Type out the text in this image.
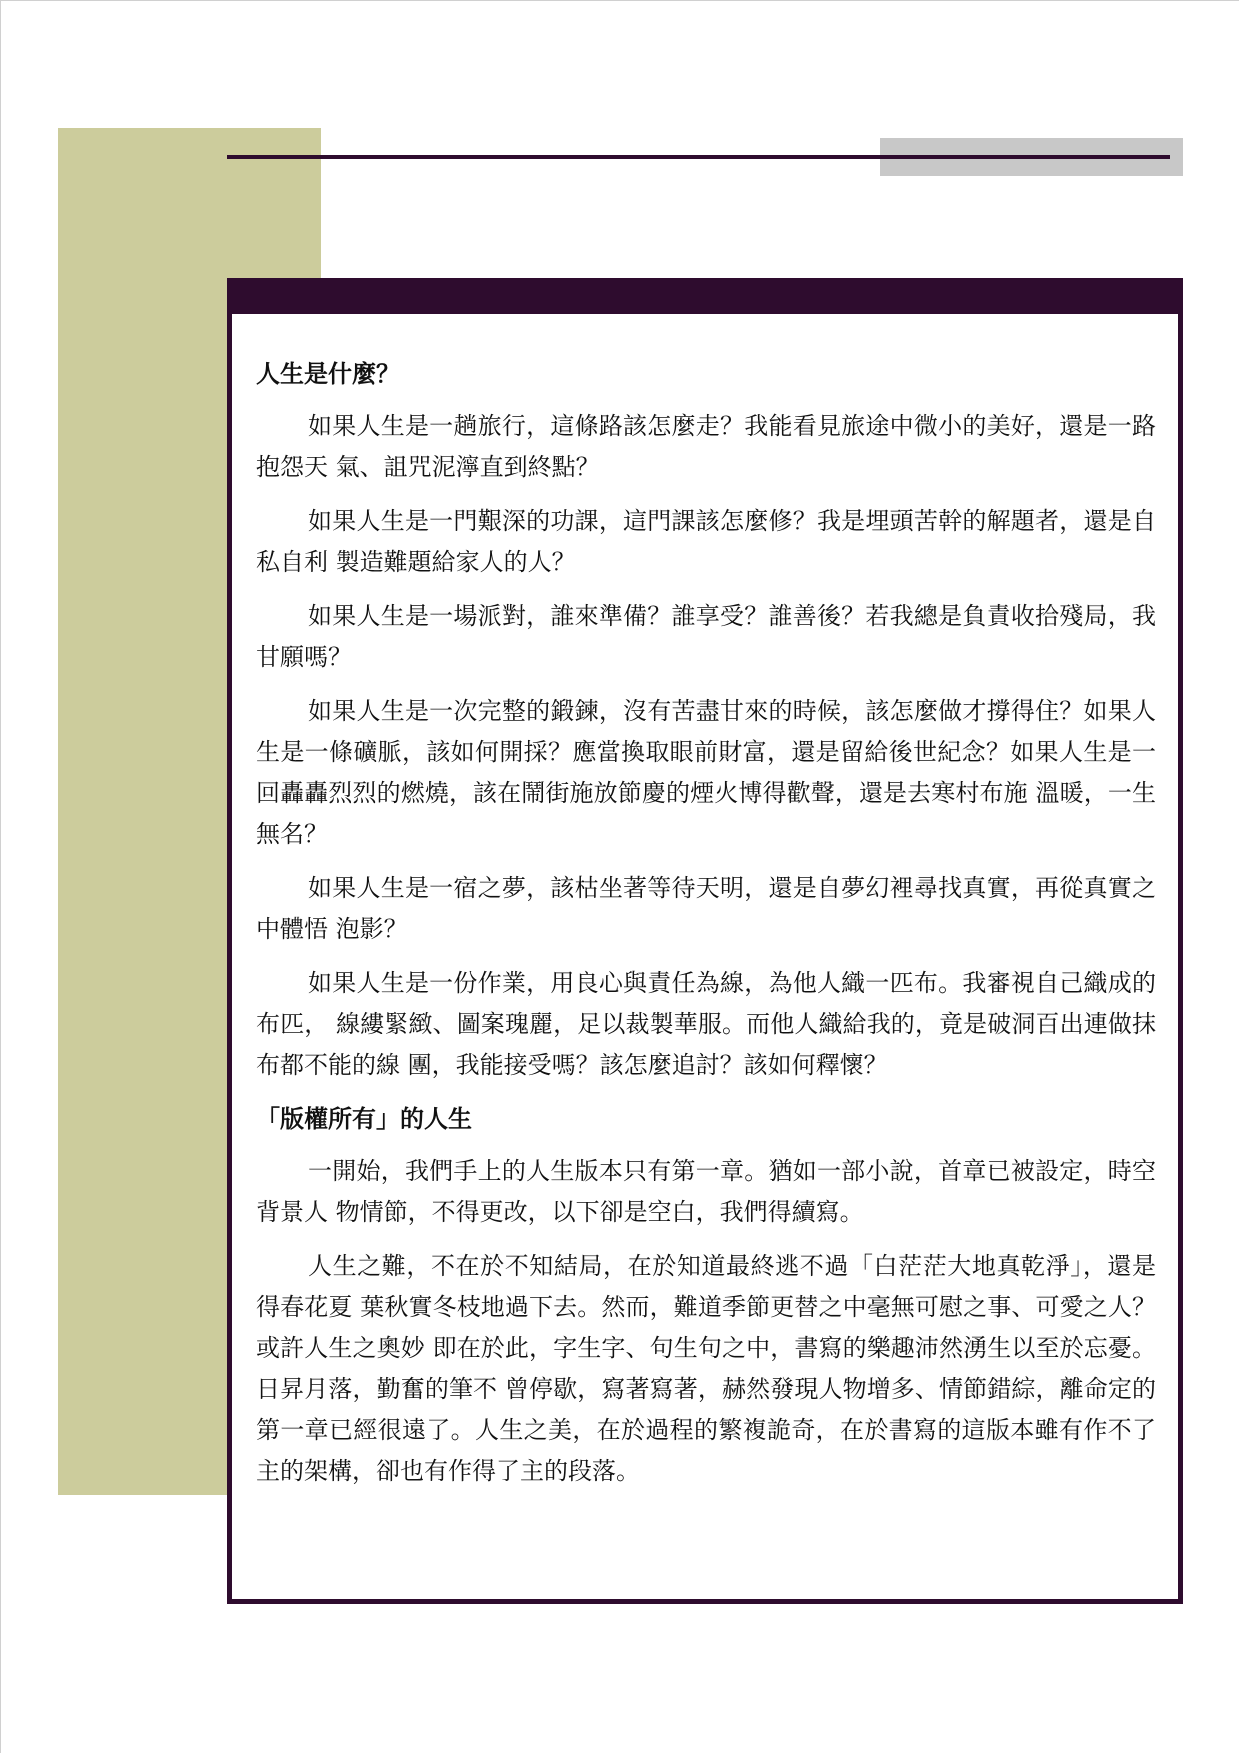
人生是什麼？

如果人生是一趟旅行，這條路該怎麼走？我能看見旅途中微小的美好，還是一路抱怨天 氣、詛咒泥濘直到終點？

如果人生是一門艱深的功課，這門課該怎麼修？我是埋頭苦幹的解題者，還是自私自利 製造難題給家人的人？

如果人生是一場派對，誰來準備？誰享受？誰善後？若我總是負責收拾殘局，我甘願嗎？

如果人生是一次完整的鍛鍊，沒有苦盡甘來的時候，該怎麼做才撐得住？如果人生是一條礦脈，該如何開採？應當換取眼前財富，還是留給後世紀念？如果人生是一回轟轟烈烈的燃燒，該在鬧街施放節慶的煙火博得歡聲，還是去寒村布施 溫暖，一生無名？

如果人生是一宿之夢，該枯坐著等待天明，還是自夢幻裡尋找真實，再從真實之中體悟 泡影？

如果人生是一份作業，用良心與責任為線，為他人織一匹布。我審視自己織成的布匹， 線縷緊緻、圖案瑰麗，足以裁製華服。而他人織給我的，竟是破洞百出連做抹布都不能的線 團，我能接受嗎？該怎麼追討？該如何釋懷？

「版權所有」的人生

一開始，我們手上的人生版本只有第一章。猶如一部小說，首章已被設定，時空背景人 物情節，不得更改，以下卻是空白，我們得續寫。

人生之難，不在於不知結局，在於知道最終逃不過「白茫茫大地真乾淨」，還是得春花夏 葉秋實冬枝地過下去。然而，難道季節更替之中毫無可慰之事、可愛之人？或許人生之奧妙 即在於此，字生字、句生句之中，書寫的樂趣沛然湧生以至於忘憂。日昇月落，勤奮的筆不 曾停歇，寫著寫著，赫然發現人物增多、情節錯綜，離命定的第一章已經很遠了。人生之美，在於過程的繁複詭奇，在於書寫的這版本雖有作不了主的架構，卻也有作得了主的段落。
